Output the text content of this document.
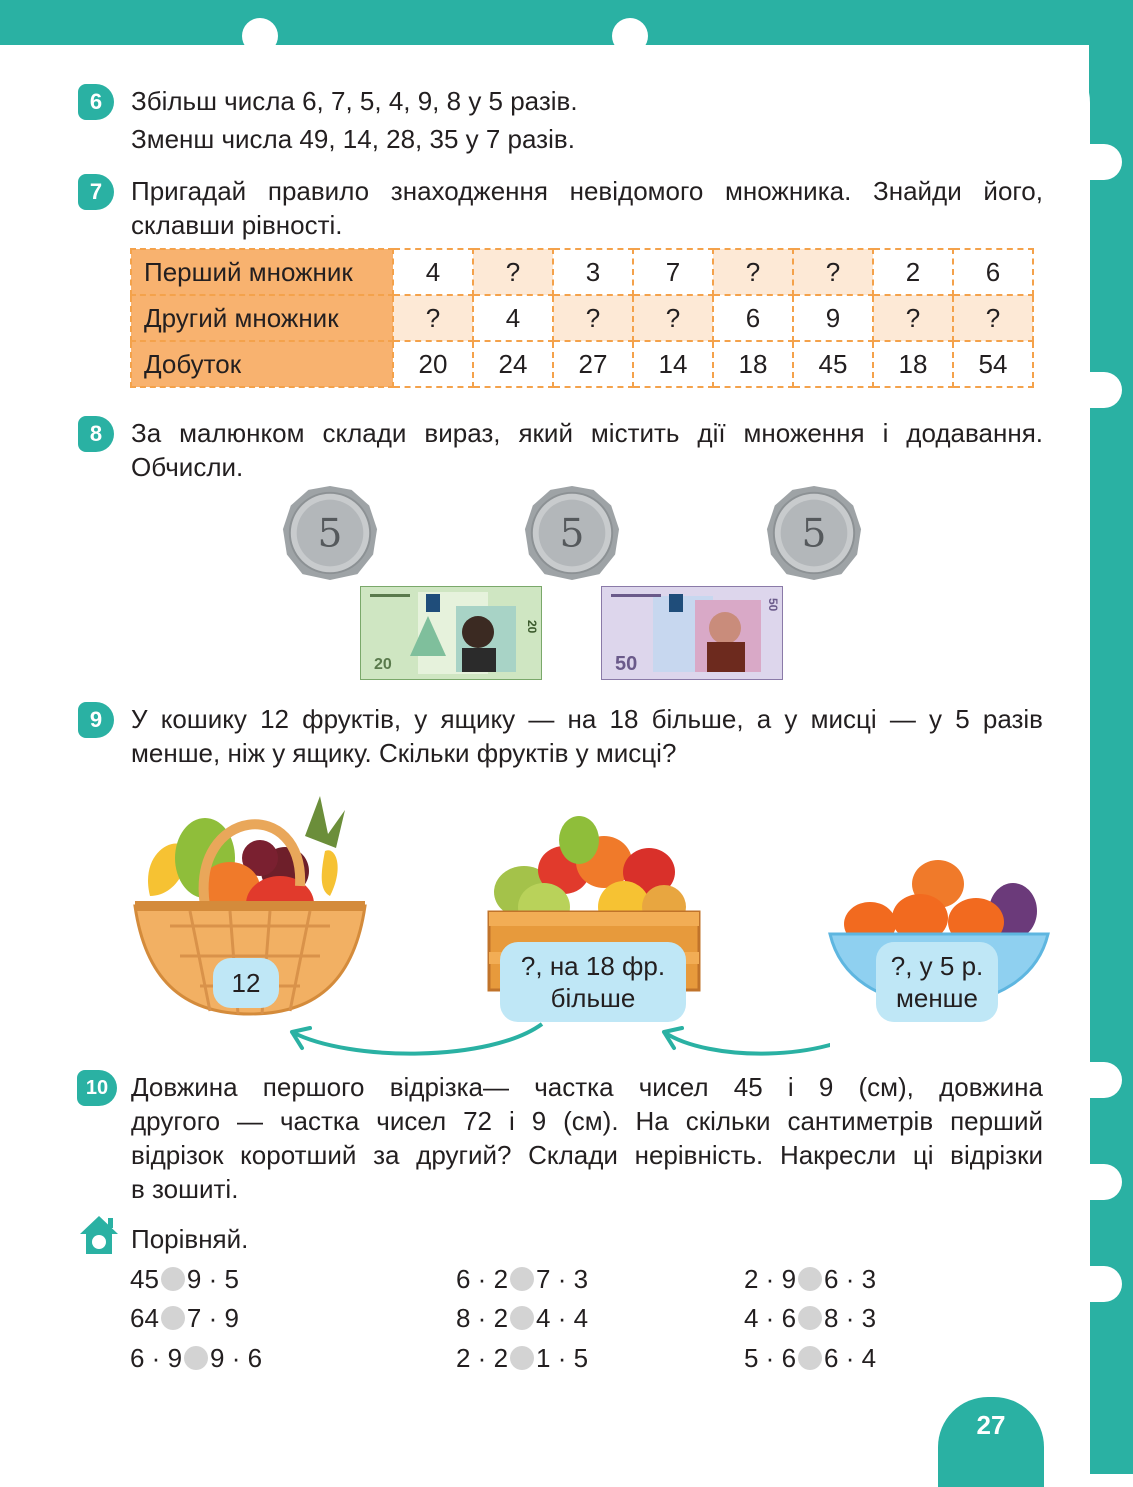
27
6	Збільш числа 6, 7, 5, 4, 9, 8 у 5 разів.
Зменш числа 49, 14, 28, 35 у 7 разів.
7	Пригадай правило знаходження невідомого множника. Знайди його, склавши рівності.
Перший множник	4	?	3	7	?	?	2	6
Другий множник	?	4	?	?	6	9	?	?
Добуток	20	24	27	14	18	45	18	54
8	За малюнком склади вираз, який містить дії множення і додавання. Обчисли.
5	5	5
20
20
50
50
9	У кошику 12 фруктів, у ящику — на 18 більше, а у мисці — у 5 разів менше, ніж у ящику. Скільки фруктів у мисці?
12
?, на 18 фр.
більше
?, у 5 р.
менше
10 Довжина першого відрізка— частка чисел 45 і 9 (см), довжина
другого — частка чисел 72 і 9 (см). На скільки сантиметрів перший
відрізок коротший за другий? Склади нерівність. Накресли ці відрізки
в зошиті.
Порівняй.
45 9 · 5
64 7 · 9
6 · 9 9 · 6
6 · 2 7 · 3
8 · 2 4 · 4
2 · 2 1 · 5
2 · 9 6 · 3
4 · 6 8 · 3
5 · 6 6 · 4
